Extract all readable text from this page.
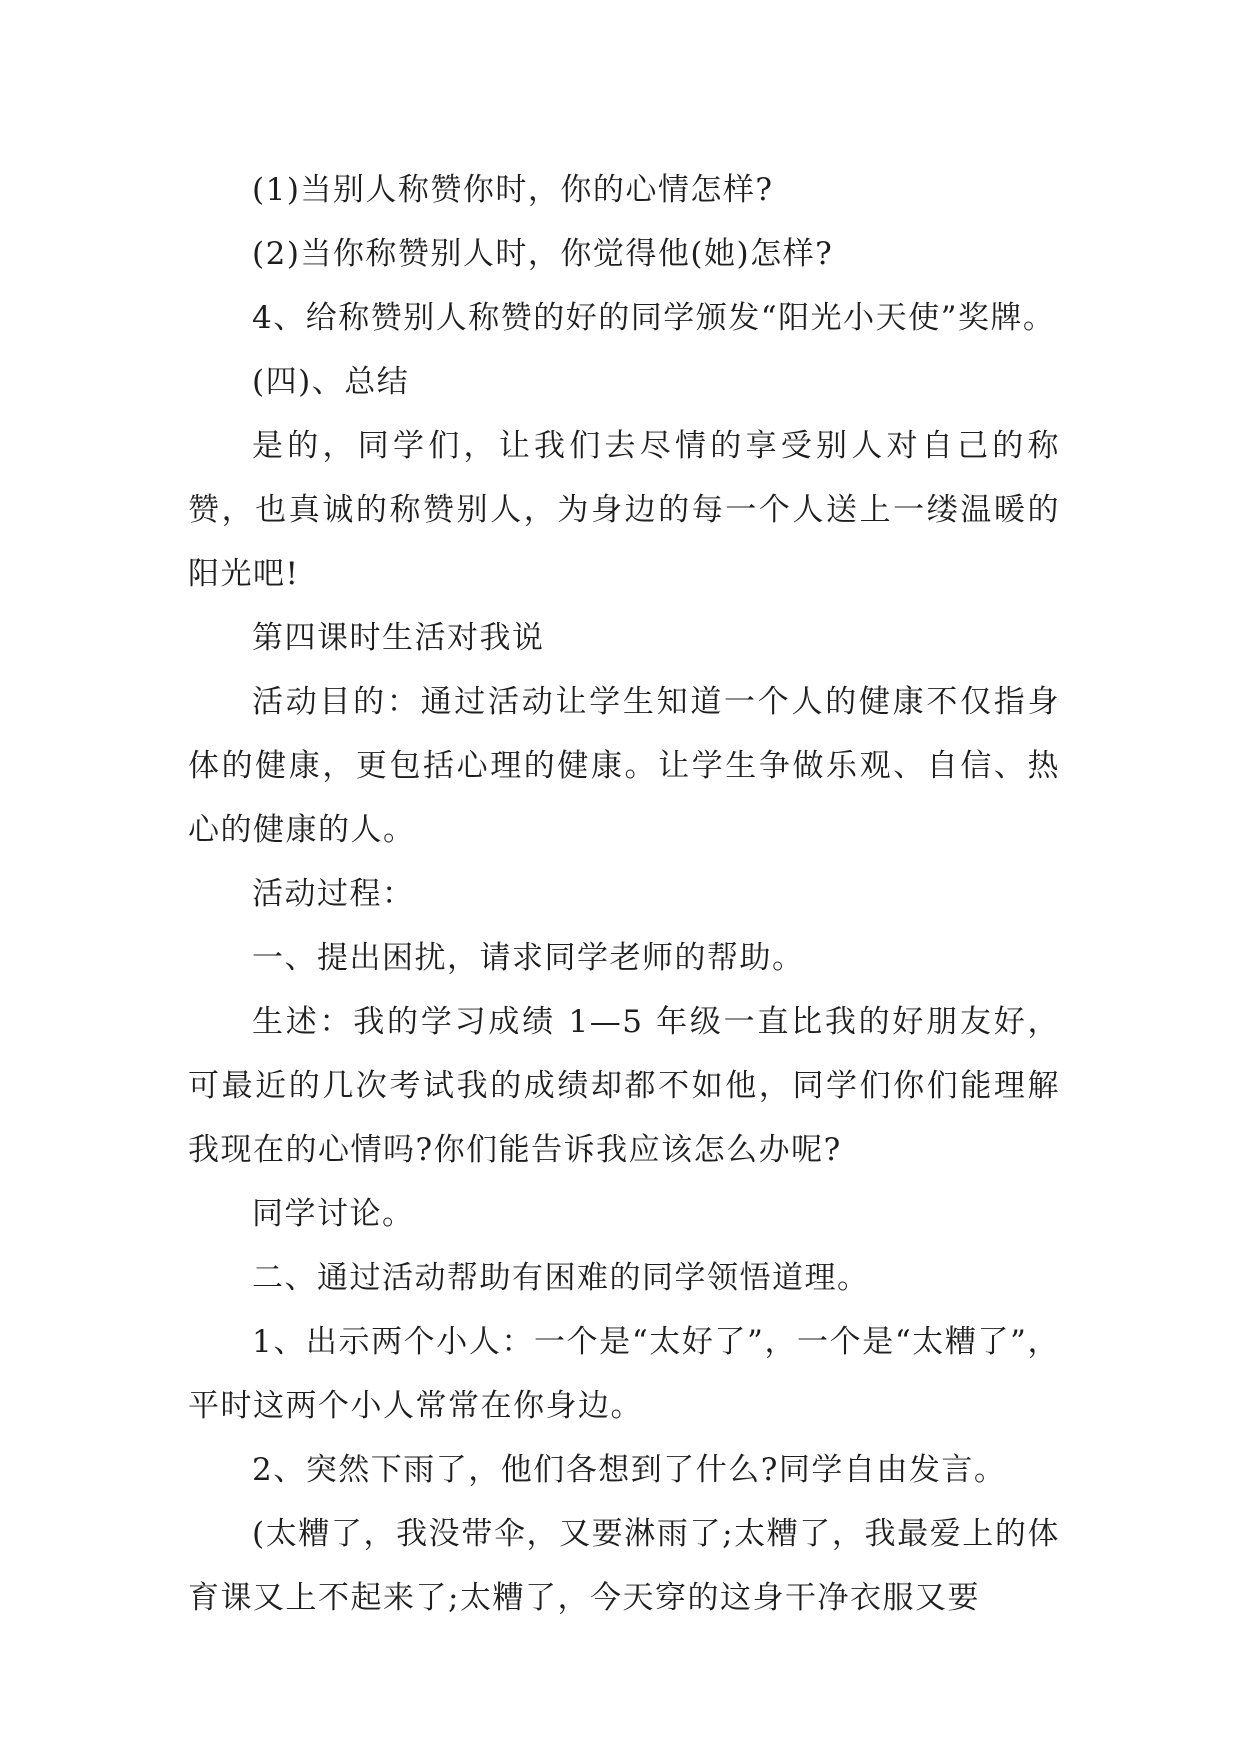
(1)当别人称赞你时，你的心情怎样?

(2)当你称赞别人时，你觉得他(她)怎样?

4、给称赞别人称赞的好的同学颁发“阳光小天使”奖牌。

(四)、总结

是的，同学们，让我们去尽情的享受别人对自己的称赞，也真诚的称赞别人，为身边的每一个人送上一缕温暖的阳光吧!

第四课时生活对我说

活动目的：通过活动让学生知道一个人的健康不仅指身体的健康，更包括心理的健康。让学生争做乐观、自信、热心的健康的人。

活动过程：

一、提出困扰，请求同学老师的帮助。

生述：我的学习成绩 1—5 年级一直比我的好朋友好，可最近的几次考试我的成绩却都不如他，同学们你们能理解我现在的心情吗?你们能告诉我应该怎么办呢?

同学讨论。

二、通过活动帮助有困难的同学领悟道理。

1、出示两个小人：一个是“太好了”，一个是“太糟了”，平时这两个小人常常在你身边。

2、突然下雨了，他们各想到了什么?同学自由发言。

(太糟了，我没带伞，又要淋雨了;太糟了，我最爱上的体育课又上不起来了;太糟了，今天穿的这身干净衣服又要
